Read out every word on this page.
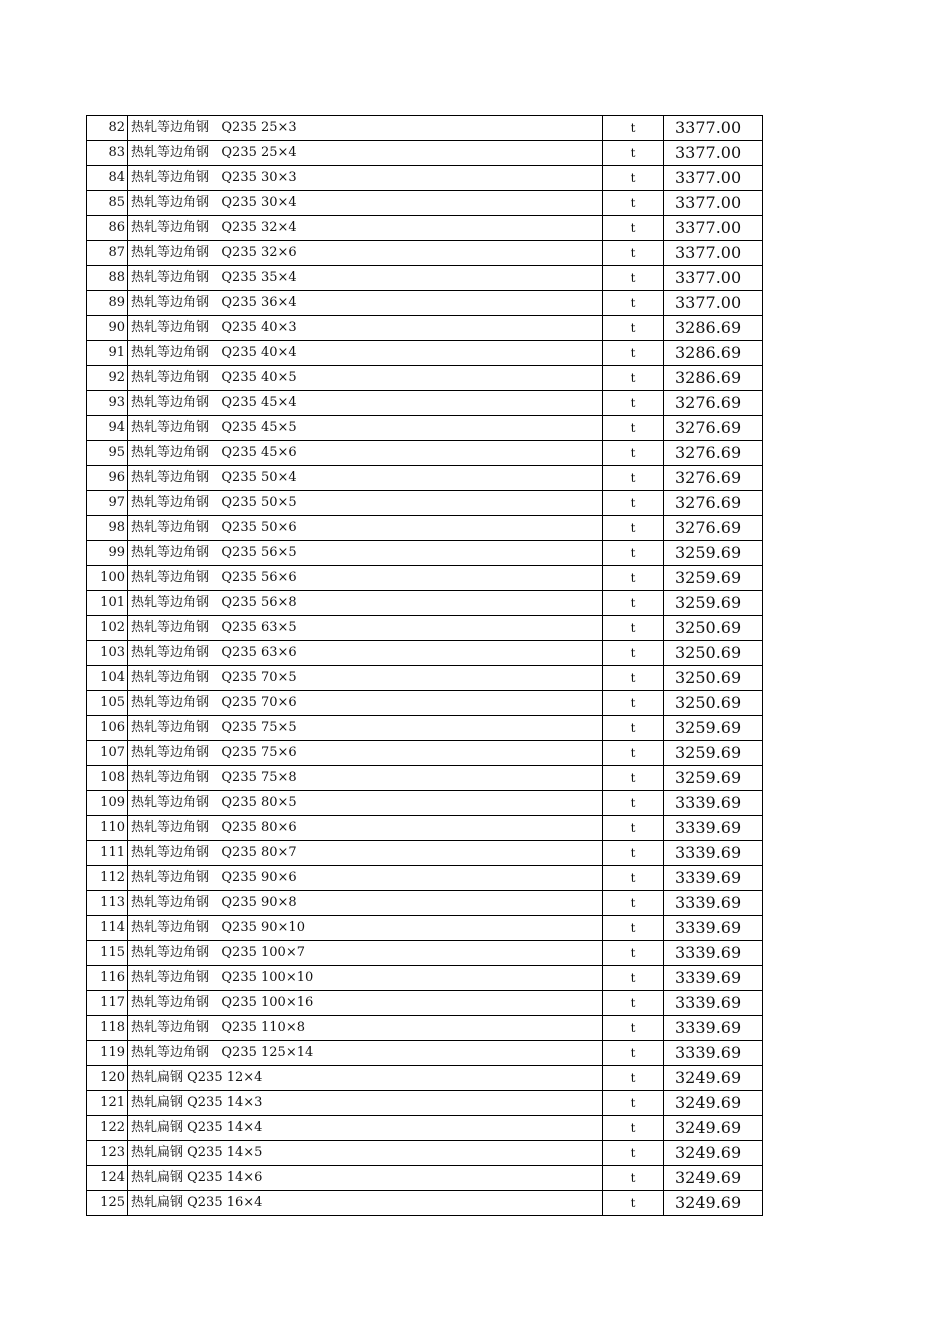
82	热轧等边角钢   Q235 25×3	t	3377.00
83	热轧等边角钢   Q235 25×4	t	3377.00
84	热轧等边角钢   Q235 30×3	t	3377.00
85	热轧等边角钢   Q235 30×4	t	3377.00
86	热轧等边角钢   Q235 32×4	t	3377.00
87	热轧等边角钢   Q235 32×6	t	3377.00
88	热轧等边角钢   Q235 35×4	t	3377.00
89	热轧等边角钢   Q235 36×4	t	3377.00
90	热轧等边角钢   Q235 40×3	t	3286.69
91	热轧等边角钢   Q235 40×4	t	3286.69
92	热轧等边角钢   Q235 40×5	t	3286.69
93	热轧等边角钢   Q235 45×4	t	3276.69
94	热轧等边角钢   Q235 45×5	t	3276.69
95	热轧等边角钢   Q235 45×6	t	3276.69
96	热轧等边角钢   Q235 50×4	t	3276.69
97	热轧等边角钢   Q235 50×5	t	3276.69
98	热轧等边角钢   Q235 50×6	t	3276.69
99	热轧等边角钢   Q235 56×5	t	3259.69
100	热轧等边角钢   Q235 56×6	t	3259.69
101	热轧等边角钢   Q235 56×8	t	3259.69
102	热轧等边角钢   Q235 63×5	t	3250.69
103	热轧等边角钢   Q235 63×6	t	3250.69
104	热轧等边角钢   Q235 70×5	t	3250.69
105	热轧等边角钢   Q235 70×6	t	3250.69
106	热轧等边角钢   Q235 75×5	t	3259.69
107	热轧等边角钢   Q235 75×6	t	3259.69
108	热轧等边角钢   Q235 75×8	t	3259.69
109	热轧等边角钢   Q235 80×5	t	3339.69
110	热轧等边角钢   Q235 80×6	t	3339.69
111	热轧等边角钢   Q235 80×7	t	3339.69
112	热轧等边角钢   Q235 90×6	t	3339.69
113	热轧等边角钢   Q235 90×8	t	3339.69
114	热轧等边角钢   Q235 90×10	t	3339.69
115	热轧等边角钢   Q235 100×7	t	3339.69
116	热轧等边角钢   Q235 100×10	t	3339.69
117	热轧等边角钢   Q235 100×16	t	3339.69
118	热轧等边角钢   Q235 110×8	t	3339.69
119	热轧等边角钢   Q235 125×14	t	3339.69
120	热轧扁钢 Q235 12×4	t	3249.69
121	热轧扁钢 Q235 14×3	t	3249.69
122	热轧扁钢 Q235 14×4	t	3249.69
123	热轧扁钢 Q235 14×5	t	3249.69
124	热轧扁钢 Q235 14×6	t	3249.69
125	热轧扁钢 Q235 16×4	t	3249.69
